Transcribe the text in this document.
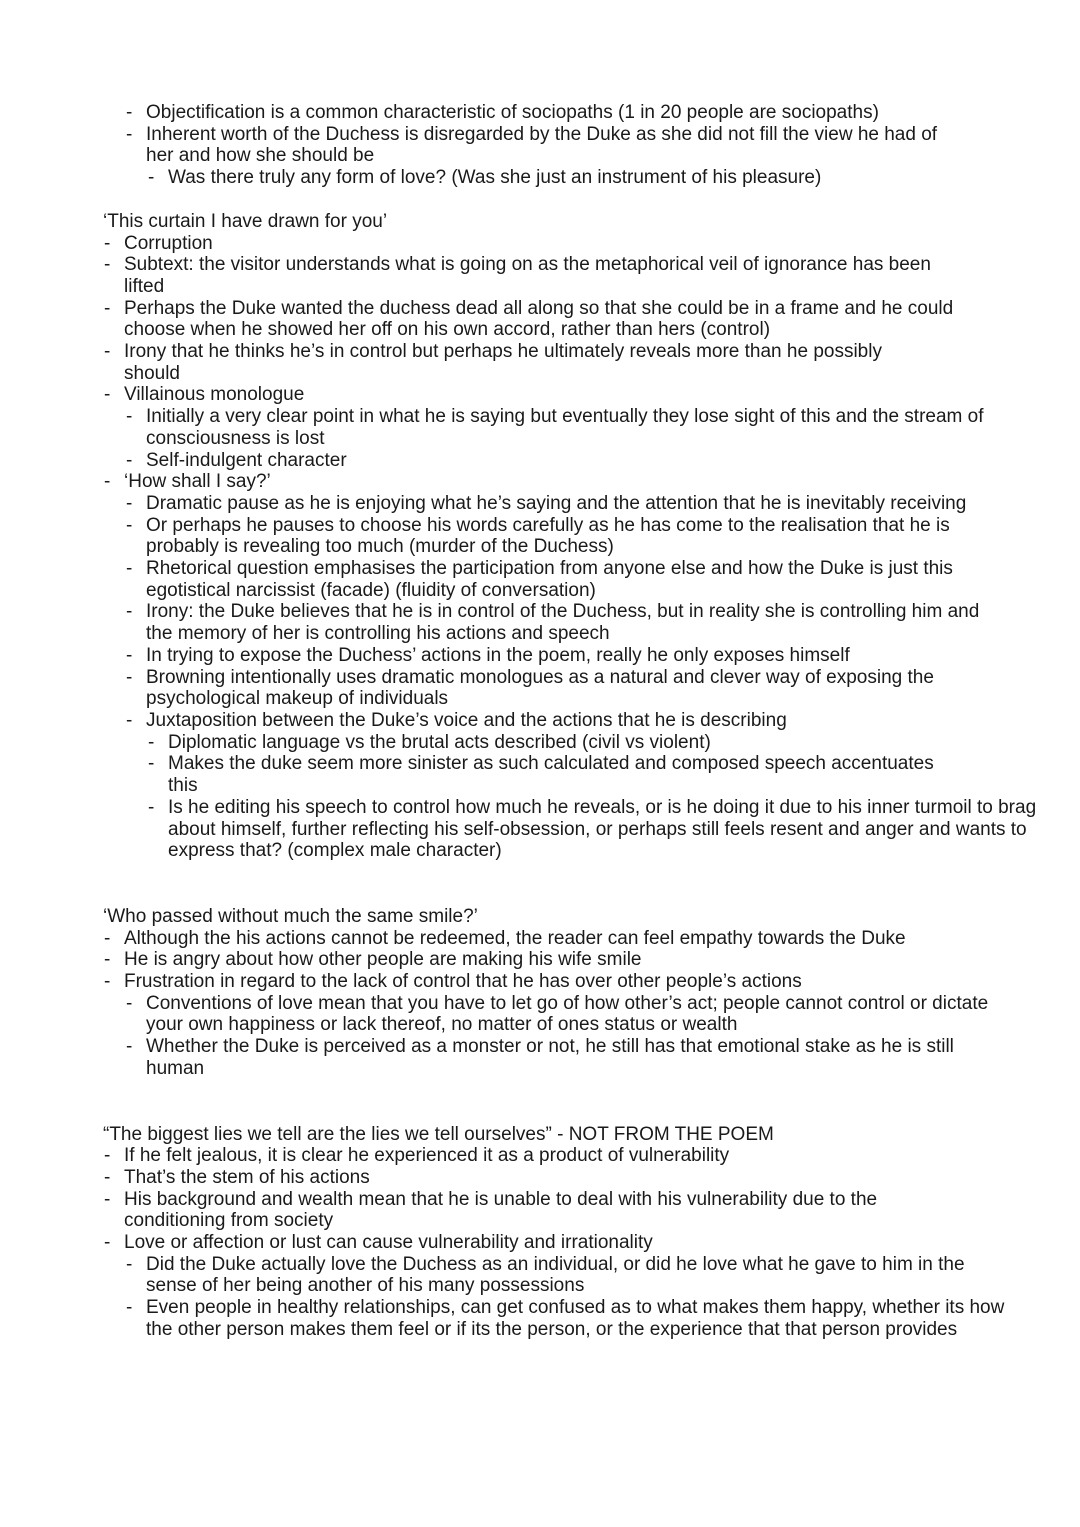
- Objectification is a common characteristic of sociopaths (1 in 20 people are sociopaths)
- Inherent worth of the Duchess is disregarded by the Duke as she did not fill the view he had of her and how she should be
- Was there truly any form of love? (Was she just an instrument of his pleasure)
‘This curtain I have drawn for you’
- Corruption
- Subtext: the visitor understands what is going on as the metaphorical veil of ignorance has been lifted
- Perhaps the Duke wanted the duchess dead all along so that she could be in a frame and he could choose when he showed her off on his own accord, rather than hers (control)
- Irony that he thinks he’s in control but perhaps he ultimately reveals more than he possibly should
- Villainous monologue
- Initially a very clear point in what he is saying but eventually they lose sight of this and the stream of consciousness is lost
- Self-indulgent character
- ‘How shall I say?’
- Dramatic pause as he is enjoying what he’s saying and the attention that he is inevitably receiving
- Or perhaps he pauses to choose his words carefully as he has come to the realisation that he is probably is revealing too much (murder of the Duchess)
- Rhetorical question emphasises the participation from anyone else and how the Duke is just this egotistical narcissist (facade) (fluidity of conversation)
- Irony: the Duke believes that he is in control of the Duchess, but in reality she is controlling him and the memory of her is controlling his actions and speech
- In trying to expose the Duchess’ actions in the poem, really he only exposes himself
- Browning intentionally uses dramatic monologues as a natural and clever way of exposing the psychological makeup of individuals
- Juxtaposition between the Duke’s voice and the actions that he is describing
- Diplomatic language vs the brutal acts described (civil vs violent)
- Makes the duke seem more sinister as such calculated and composed speech accentuates this
- Is he editing his speech to control how much he reveals, or is he doing it due to his inner turmoil to brag about himself, further reflecting his self-obsession, or perhaps still feels resent and anger and wants to express that? (complex male character)
‘Who passed without much the same smile?’
- Although the his actions cannot be redeemed, the reader can feel empathy towards the Duke
- He is angry about how other people are making his wife smile
- Frustration in regard to the lack of control that he has over other people’s actions
- Conventions of love mean that you have to let go of how other’s act; people cannot control or dictate your own happiness or lack thereof, no matter of ones status or wealth
- Whether the Duke is perceived as a monster or not, he still has that emotional stake as he is still human
“The biggest lies we tell are the lies we tell ourselves” - NOT FROM THE POEM
- If he felt jealous, it is clear he experienced it as a product of vulnerability
- That’s the stem of his actions
- His background and wealth mean that he is unable to deal with his vulnerability due to the conditioning from society
- Love or affection or lust can cause vulnerability and irrationality
- Did the Duke actually love the Duchess as an individual, or did he love what he gave to him in the sense of her being another of his many possessions
- Even people in healthy relationships, can get confused as to what makes them happy, whether its how the other person makes them feel or if its the person, or the experience that that person provides
